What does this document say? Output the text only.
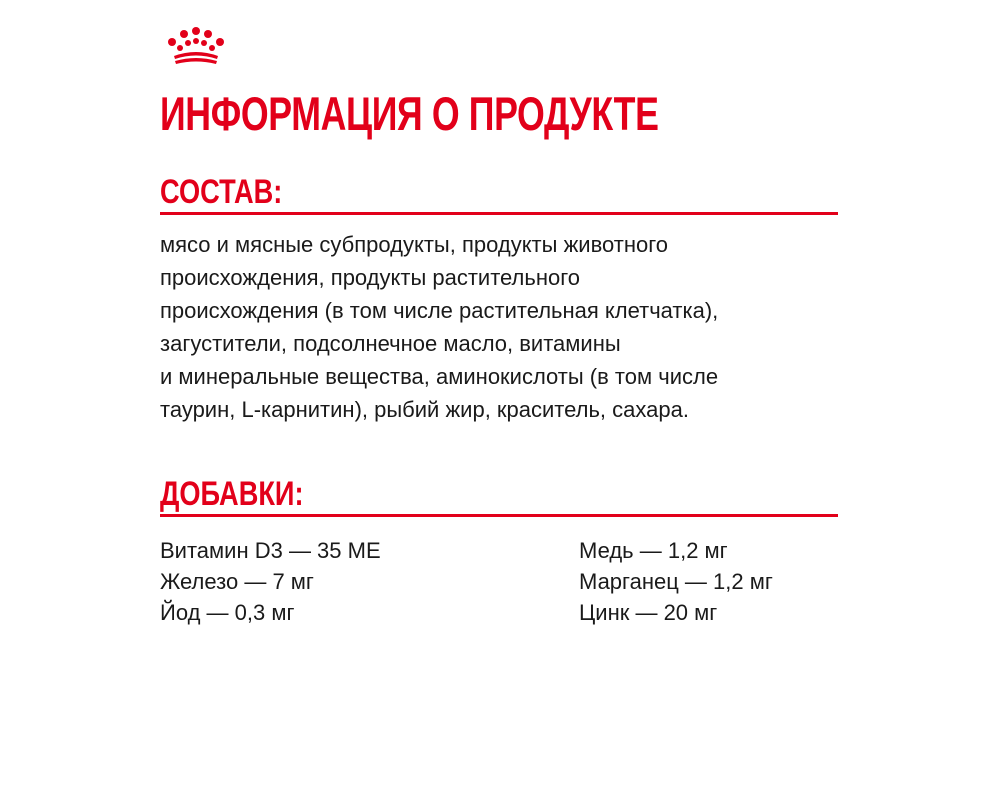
ИНФОРМАЦИЯ О ПРОДУКТЕ
СОСТАВ:
мясо и мясные субпродукты, продукты животного
происхождения, продукты растительного
происхождения (в том числе растительная клетчатка),
загустители, подсолнечное масло, витамины
и минеральные вещества, аминокислоты (в том числе
таурин, L-карнитин), рыбий жир, краситель, сахара.
ДОБАВКИ:
Витамин D3 — 35 МЕ
Железо — 7 мг
Йод — 0,3 мг
Медь — 1,2 мг
Марганец — 1,2 мг
Цинк — 20 мг
